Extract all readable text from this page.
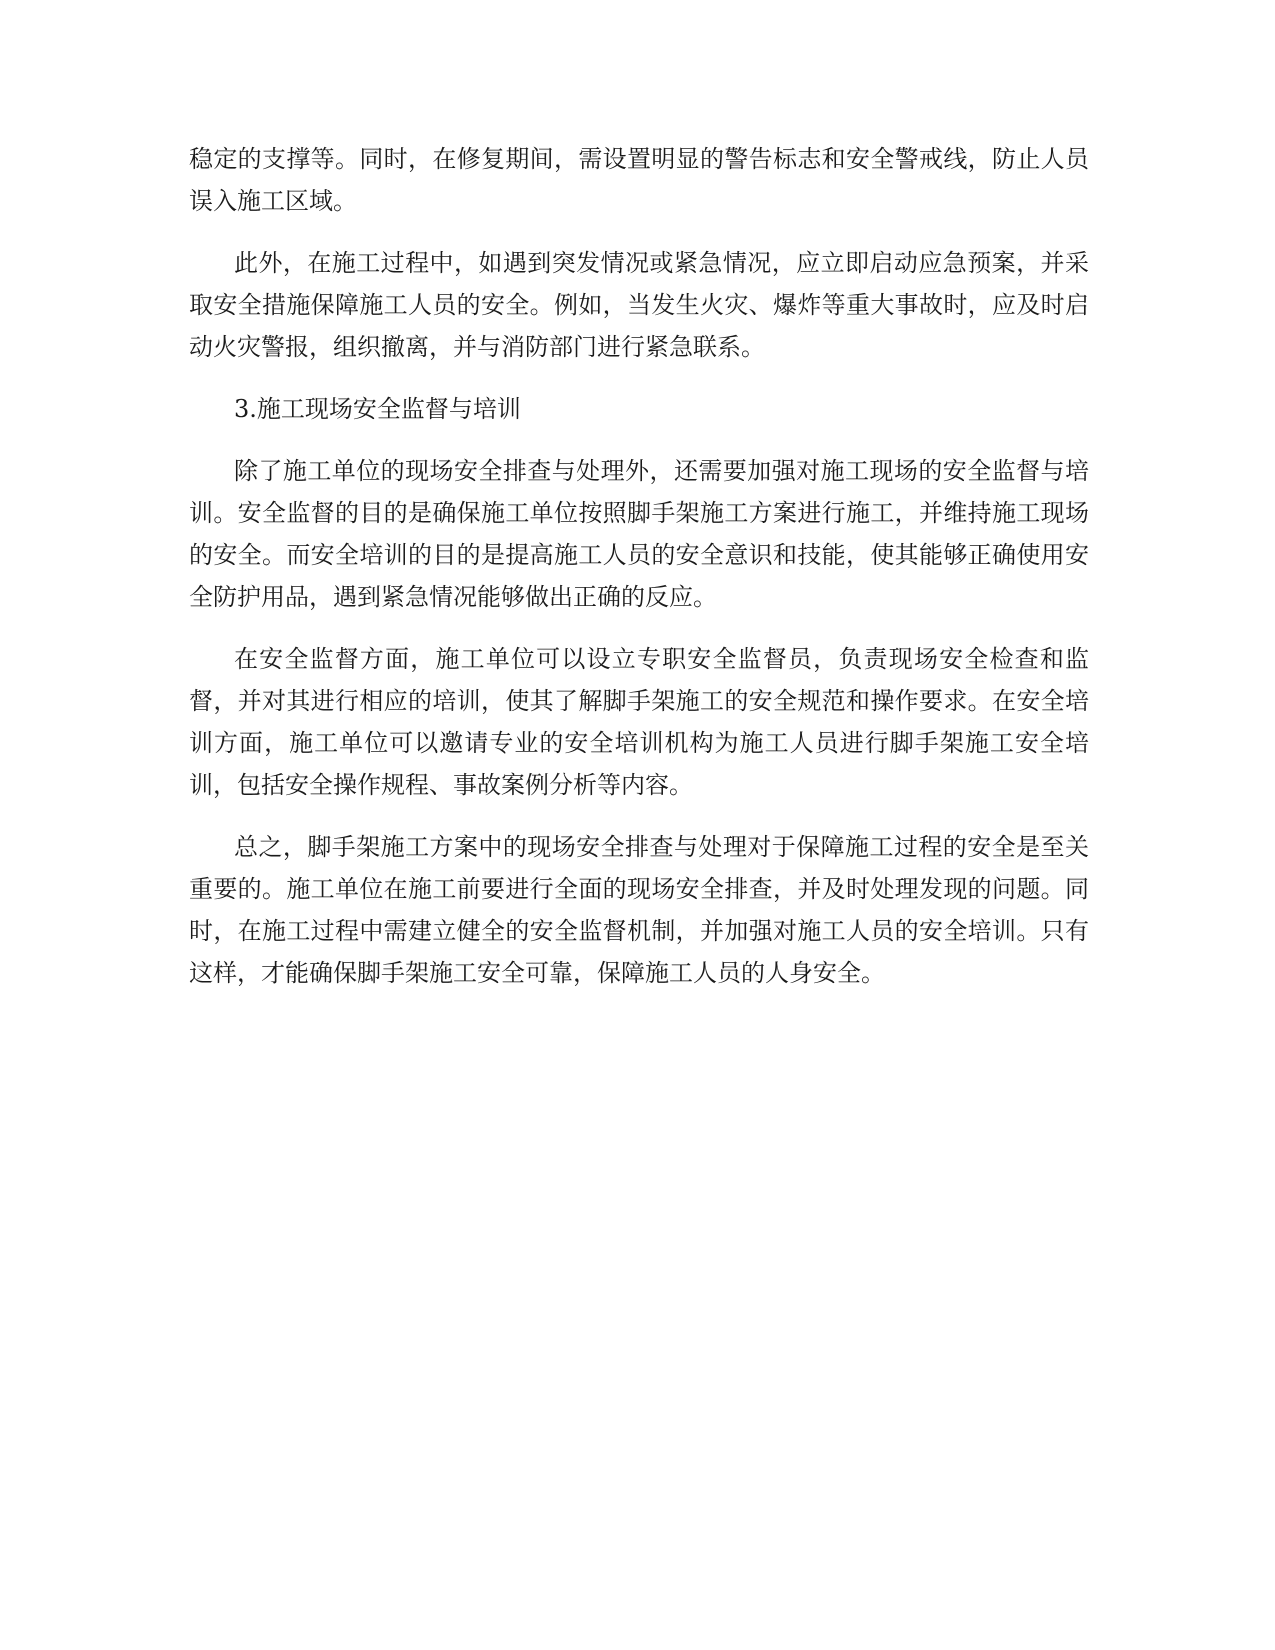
稳定的支撑等。同时，在修复期间，需设置明显的警告标志和安全警戒线，防止人员误入施工区域。

此外，在施工过程中，如遇到突发情况或紧急情况，应立即启动应急预案，并采取安全措施保障施工人员的安全。例如，当发生火灾、爆炸等重大事故时，应及时启动火灾警报，组织撤离，并与消防部门进行紧急联系。

3.施工现场安全监督与培训

除了施工单位的现场安全排查与处理外，还需要加强对施工现场的安全监督与培训。安全监督的目的是确保施工单位按照脚手架施工方案进行施工，并维持施工现场的安全。而安全培训的目的是提高施工人员的安全意识和技能，使其能够正确使用安全防护用品，遇到紧急情况能够做出正确的反应。

在安全监督方面，施工单位可以设立专职安全监督员，负责现场安全检查和监督，并对其进行相应的培训，使其了解脚手架施工的安全规范和操作要求。在安全培训方面，施工单位可以邀请专业的安全培训机构为施工人员进行脚手架施工安全培训，包括安全操作规程、事故案例分析等内容。

总之，脚手架施工方案中的现场安全排查与处理对于保障施工过程的安全是至关重要的。施工单位在施工前要进行全面的现场安全排查，并及时处理发现的问题。同时，在施工过程中需建立健全的安全监督机制，并加强对施工人员的安全培训。只有这样，才能确保脚手架施工安全可靠，保障施工人员的人身安全。
